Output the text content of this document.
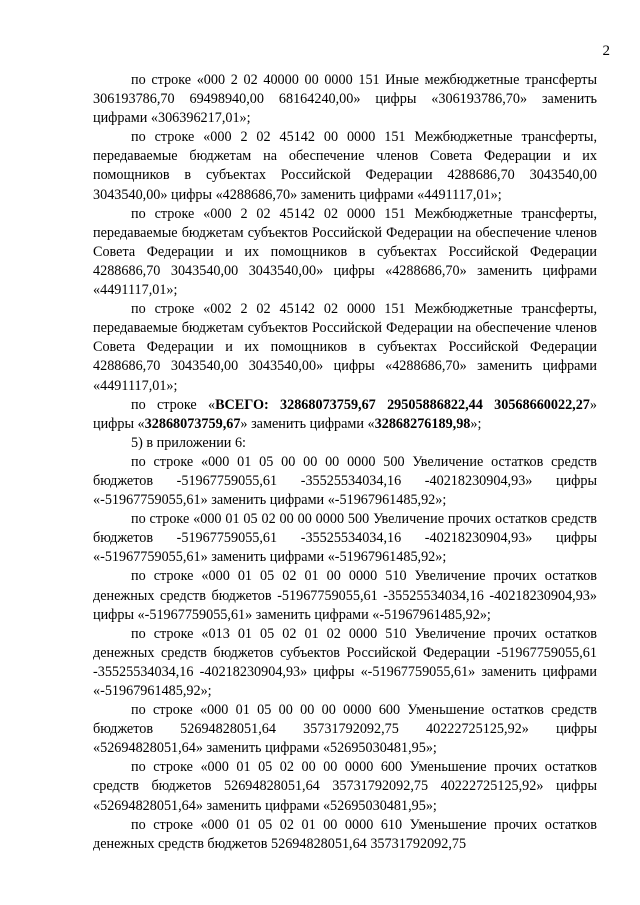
2

по строке «000 2 02 40000 00 0000 151 Иные межбюджетные трансферты 306193786,70 69498940,00 68164240,00» цифры «306193786,70» заменить цифрами «306396217,01»;

по строке «000 2 02 45142 00 0000 151 Межбюджетные трансферты, передаваемые бюджетам на обеспечение членов Совета Федерации и их помощников в субъектах Российской Федерации 4288686,70 3043540,00 3043540,00» цифры «4288686,70» заменить цифрами «4491117,01»;

по строке «000 2 02 45142 02 0000 151 Межбюджетные трансферты, передаваемые бюджетам субъектов Российской Федерации на обеспечение членов Совета Федерации и их помощников в субъектах Российской Федерации 4288686,70 3043540,00 3043540,00» цифры «4288686,70» заменить цифрами «4491117,01»;

по строке «002 2 02 45142 02 0000 151 Межбюджетные трансферты, передаваемые бюджетам субъектов Российской Федерации на обеспечение членов Совета Федерации и их помощников в субъектах Российской Федерации 4288686,70 3043540,00 3043540,00» цифры «4288686,70» заменить цифрами «4491117,01»;

по строке «ВСЕГО: 32868073759,67 29505886822,44 30568660022,27» цифры «32868073759,67» заменить цифрами «32868276189,98»;

5) в приложении 6:

по строке «000 01 05 00 00 00 0000 500 Увеличение остатков средств бюджетов -51967759055,61 -35525534034,16 -40218230904,93» цифры «-51967759055,61» заменить цифрами «-51967961485,92»;

по строке «000 01 05 02 00 00 0000 500 Увеличение прочих остатков средств бюджетов -51967759055,61 -35525534034,16 -40218230904,93» цифры «-51967759055,61» заменить цифрами «-51967961485,92»;

по строке «000 01 05 02 01 00 0000 510 Увеличение прочих остатков денежных средств бюджетов -51967759055,61 -35525534034,16 -40218230904,93» цифры «-51967759055,61» заменить цифрами «-51967961485,92»;

по строке «013 01 05 02 01 02 0000 510 Увеличение прочих остатков денежных средств бюджетов субъектов Российской Федерации -51967759055,61 -35525534034,16 -40218230904,93» цифры «-51967759055,61» заменить цифрами «-51967961485,92»;

по строке «000 01 05 00 00 00 0000 600 Уменьшение остатков средств бюджетов 52694828051,64 35731792092,75 40222725125,92» цифры «52694828051,64» заменить цифрами «52695030481,95»;

по строке «000 01 05 02 00 00 0000 600 Уменьшение прочих остатков средств бюджетов 52694828051,64 35731792092,75 40222725125,92» цифры «52694828051,64» заменить цифрами «52695030481,95»;

по строке «000 01 05 02 01 00 0000 610 Уменьшение прочих остатков денежных средств бюджетов 52694828051,64 35731792092,75
